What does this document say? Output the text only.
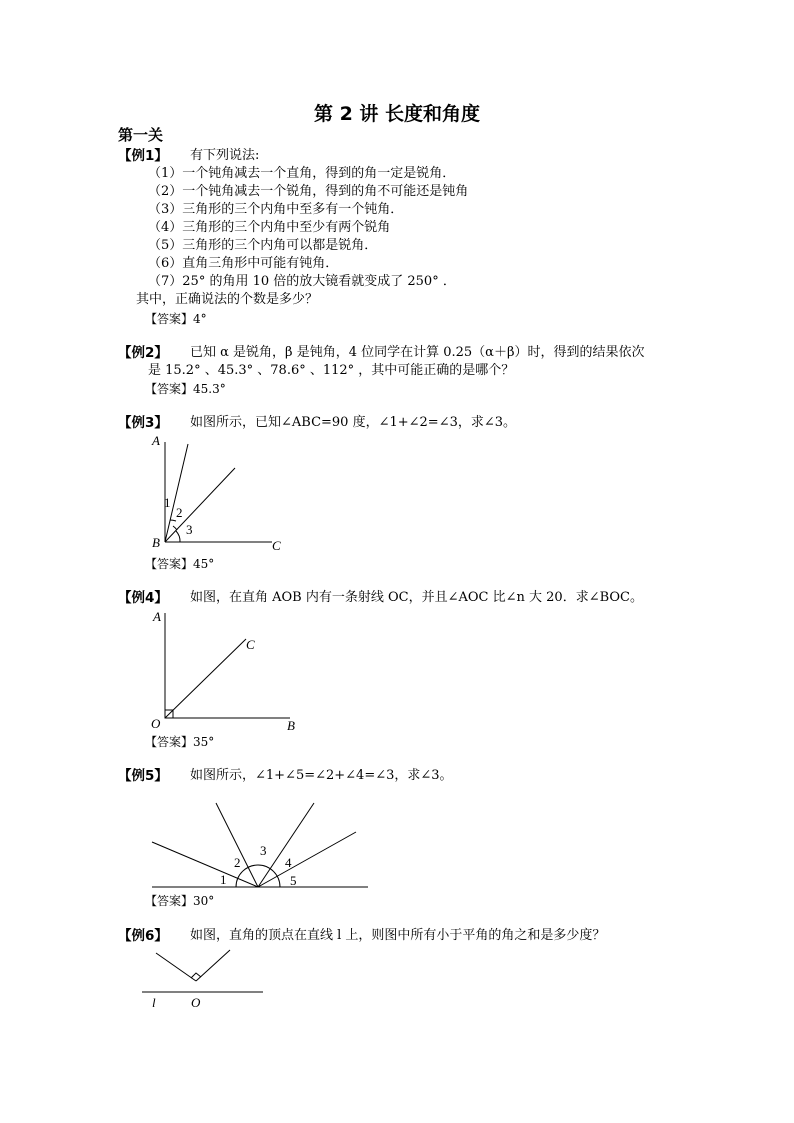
第 2 讲 长度和角度
第一关
【例1】 有下列说法:
（1）一个钝角减去一个直角，得到的角一定是锐角．
（2）一个钝角减去一个锐角，得到的角不可能还是钝角
（3）三角形的三个内角中至多有一个钝角．
（4）三角形的三个内角中至少有两个锐角
（5）三角形的三个内角可以都是锐角．
（6）直角三角形中可能有钝角．
（7）25° 的角用 10 倍的放大镜看就变成了 250° ．
其中，正确说法的个数是多少？
【答案】4°
【例2】 已知 α 是锐角，β 是钝角，4 位同学在计算 0.25（α＋β）时，得到的结果依次
是 15.2° 、45.3° 、78.6° 、112° ，其中可能正确的是哪个？
【答案】45.3°
【例3】 如图所示，已知∠ABC=90 度，∠1+∠2=∠3，求∠3。
A
B	C
1
2
3
【答案】45°
【例4】 如图，在直角 AOB 内有一条射线 OC，并且∠AOC 比∠n 大 20．求∠BOC。
A
O	B
C
【答案】35°
【例5】 如图所示，∠1+∠5=∠2+∠4=∠3，求∠3。
1
2
3
4
5
【答案】30°
【例6】 如图，直角的顶点在直线 l 上，则图中所有小于平角的角之和是多少度？
l	O
